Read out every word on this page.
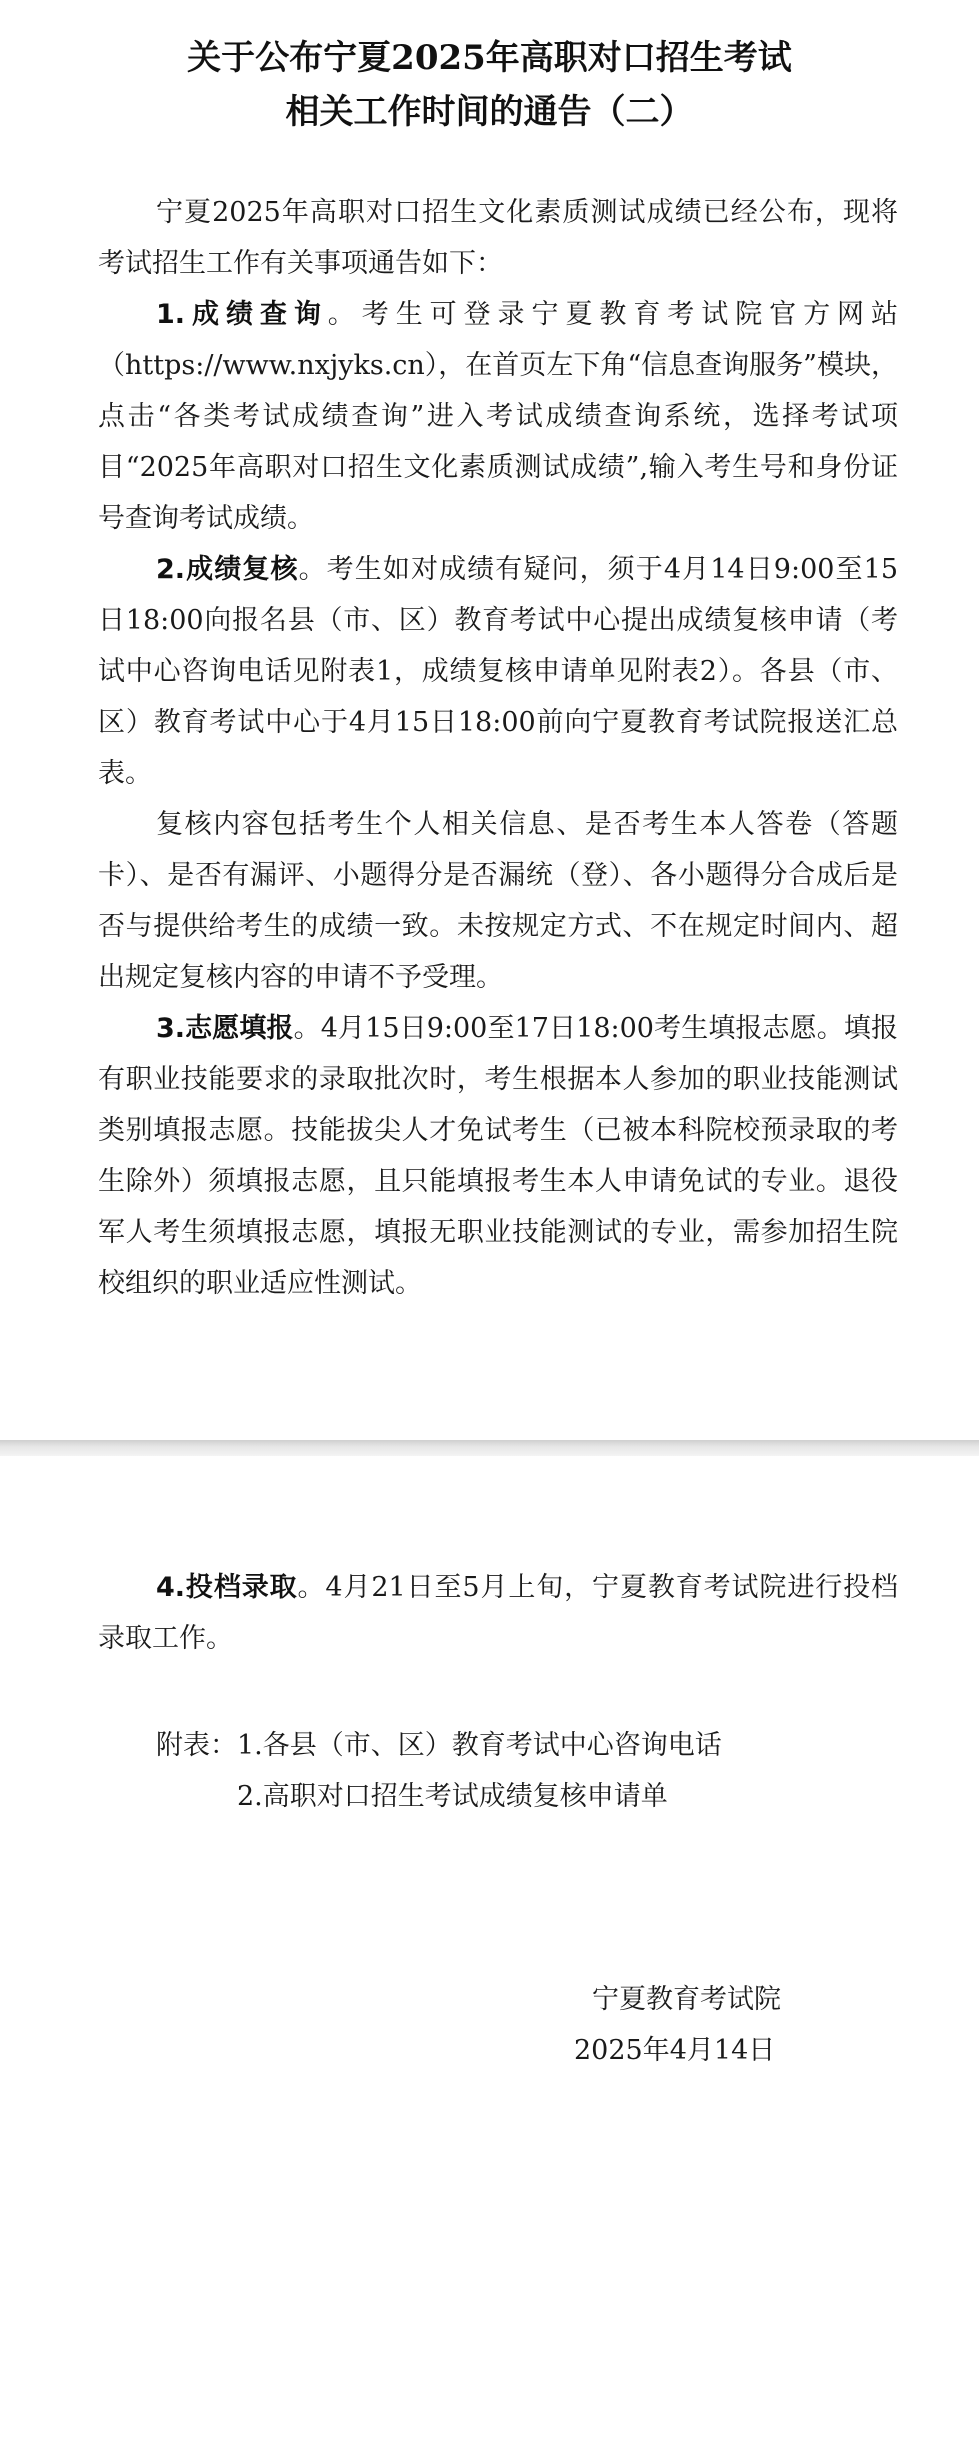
关于公布宁夏2025年高职对口招生考试
相关工作时间的通告（二）

宁夏2025年高职对口招生文化素质测试成绩已经公布，现将考试招生工作有关事项通告如下：

1.成绩查询。考生可登录宁夏教育考试院官方网站（https://www.nxjyks.cn），在首页左下角“信息查询服务”模块，点击“各类考试成绩查询”进入考试成绩查询系统，选择考试项目“2025年高职对口招生文化素质测试成绩”,输入考生号和身份证号查询考试成绩。

2.成绩复核。考生如对成绩有疑问，须于4月14日9:00至15日18:00向报名县（市、区）教育考试中心提出成绩复核申请（考试中心咨询电话见附表1，成绩复核申请单见附表2）。各县（市、区）教育考试中心于4月15日18:00前向宁夏教育考试院报送汇总表。

复核内容包括考生个人相关信息、是否考生本人答卷（答题卡）、是否有漏评、小题得分是否漏统（登）、各小题得分合成后是否与提供给考生的成绩一致。未按规定方式、不在规定时间内、超出规定复核内容的申请不予受理。

3.志愿填报。4月15日9:00至17日18:00考生填报志愿。填报有职业技能要求的录取批次时，考生根据本人参加的职业技能测试类别填报志愿。技能拔尖人才免试考生（已被本科院校预录取的考生除外）须填报志愿，且只能填报考生本人申请免试的专业。退役军人考生须填报志愿，填报无职业技能测试的专业，需参加招生院校组织的职业适应性测试。

4.投档录取。4月21日至5月上旬，宁夏教育考试院进行投档录取工作。

附表： 1.各县（市、区）教育考试中心咨询电话
2.高职对口招生考试成绩复核申请单
宁夏教育考试院
2025年4月14日
